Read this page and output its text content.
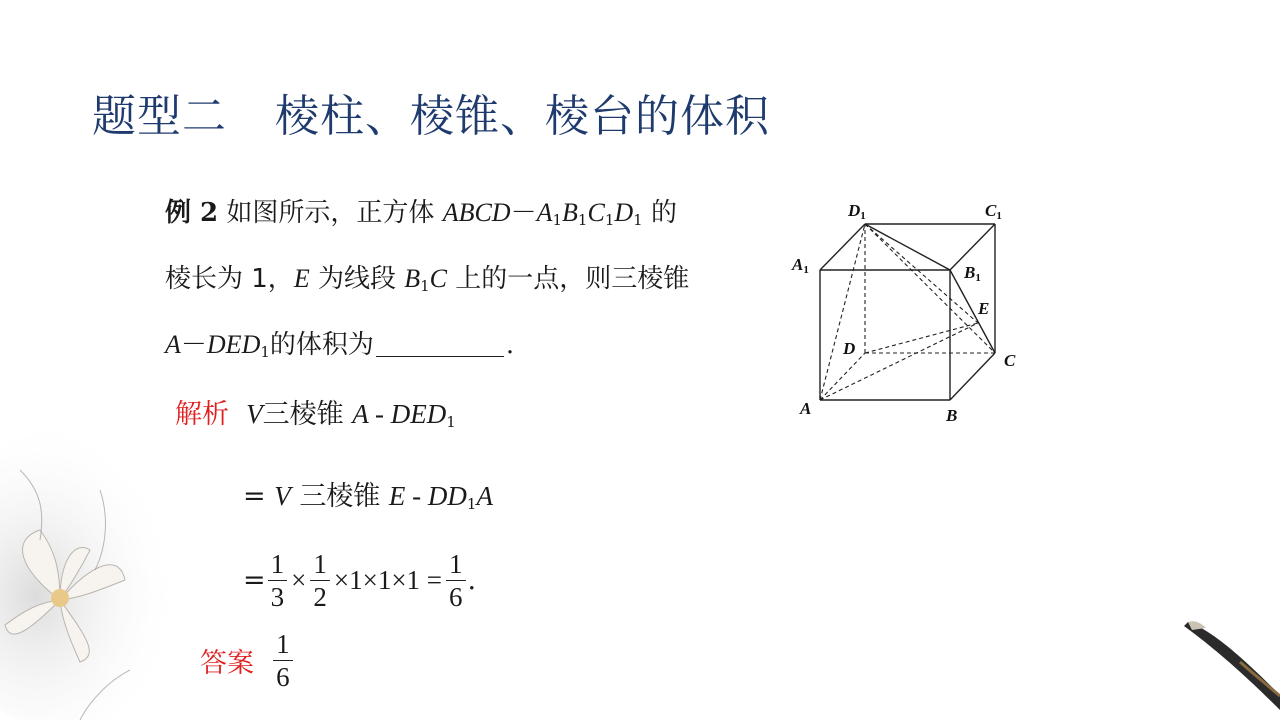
题型二 棱柱、棱锥、棱台的体积
例 2 如图所示，正方体 $ABCD-A_1B_1C_1D_1$ 的
棱长为 1，E 为线段 $B_1C$ 上的一点，则三棱锥
$A-DED_1$的体积为	.
解析 V三棱锥 A - $DED_1$
= V 三棱锥 E - $DD_1A$
= $\frac{1}{3} \times \frac{1}{2} \times 1\times 1\times 1 = \frac{1}{6}$ .
答案
$\frac{1}{6}$
D1	C1
A1	B1
E
D
C
A	B
